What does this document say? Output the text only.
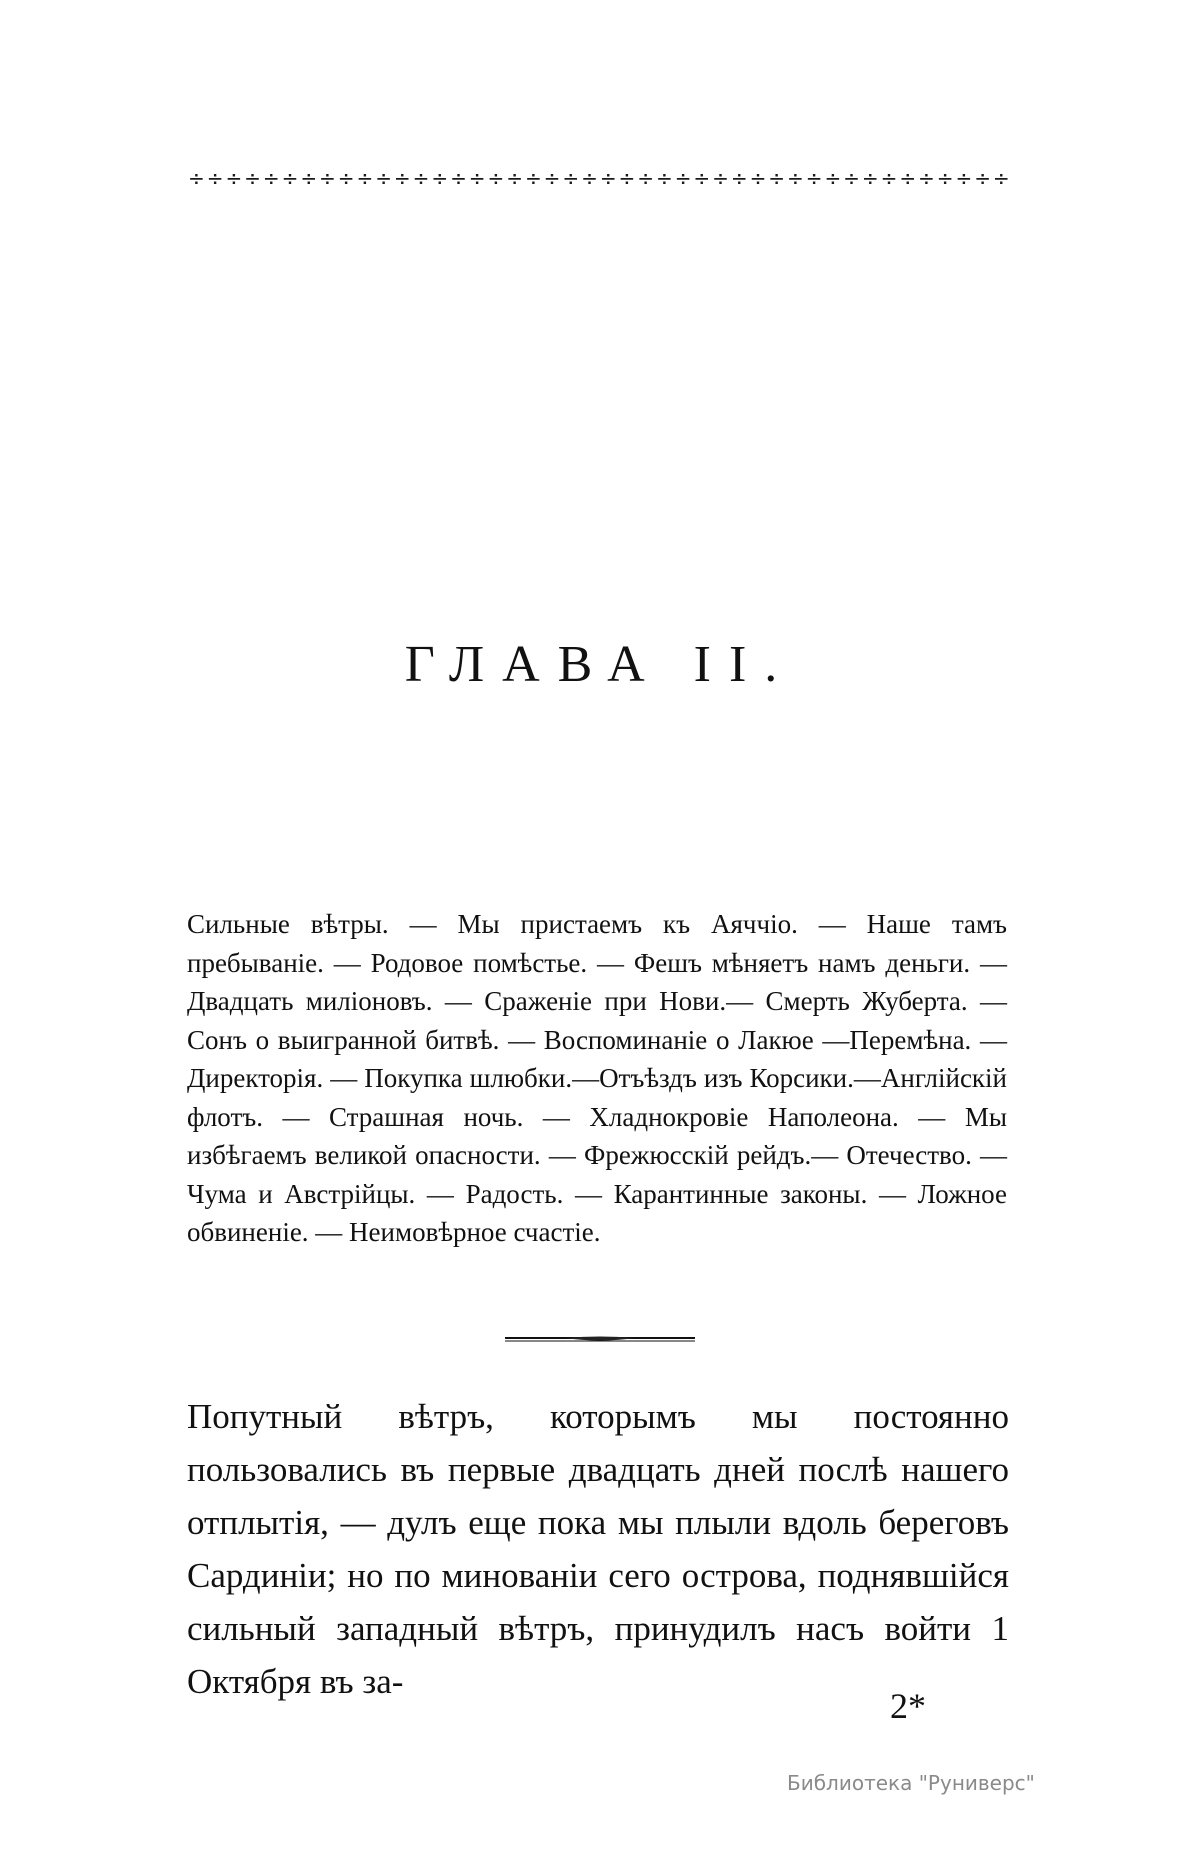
÷ ÷ ÷ ÷ ÷ ÷ ÷ ÷ ÷ ÷ ÷ ÷ ÷ ÷ ÷ ÷ ÷ ÷ ÷ ÷ ÷ ÷ ÷ ÷ ÷ ÷ ÷ ÷ ÷ ÷ ÷ ÷ ÷ ÷ ÷ ÷ ÷ ÷ ÷ ÷ ÷ ÷ ÷ ÷
ГЛАВА II.

Сильные вѣтры. — Мы пристаемъ къ Аяччіо. — Наше тамъ пребываніе. — Родовое помѣстье. — Фешъ мѣняетъ намъ деньги. — Двадцать миліоновъ. — Сраженіе при Нови.— Смерть Жуберта. — Сонъ о выигранной битвѣ. — Воспоминаніе о Лакюе —Перемѣна. — Директорія. — Покупка шлюбки.—Отъѣздъ изъ Корсики.—Англійскій флотъ. — Страшная ночь. — Хладнокровіе Наполеона. — Мы избѣгаемъ великой опасности. — Фрежюсскій рейдъ.— Отечество. — Чума и Австрійцы. — Радость. — Карантинные законы. — Ложное обвиненіе. — Неимовѣрное счастіе.

Попутный вѣтръ, которымъ мы постоянно пользовались въ первые двадцать дней послѣ нашего отплытія, — дулъ еще пока мы плыли вдоль береговъ Сардиніи; но по минованіи сего острова, поднявшійся сильный западный вѣтръ, принудилъ насъ войти 1 Октября въ за-

2*
Библиотека "Руниверс"
